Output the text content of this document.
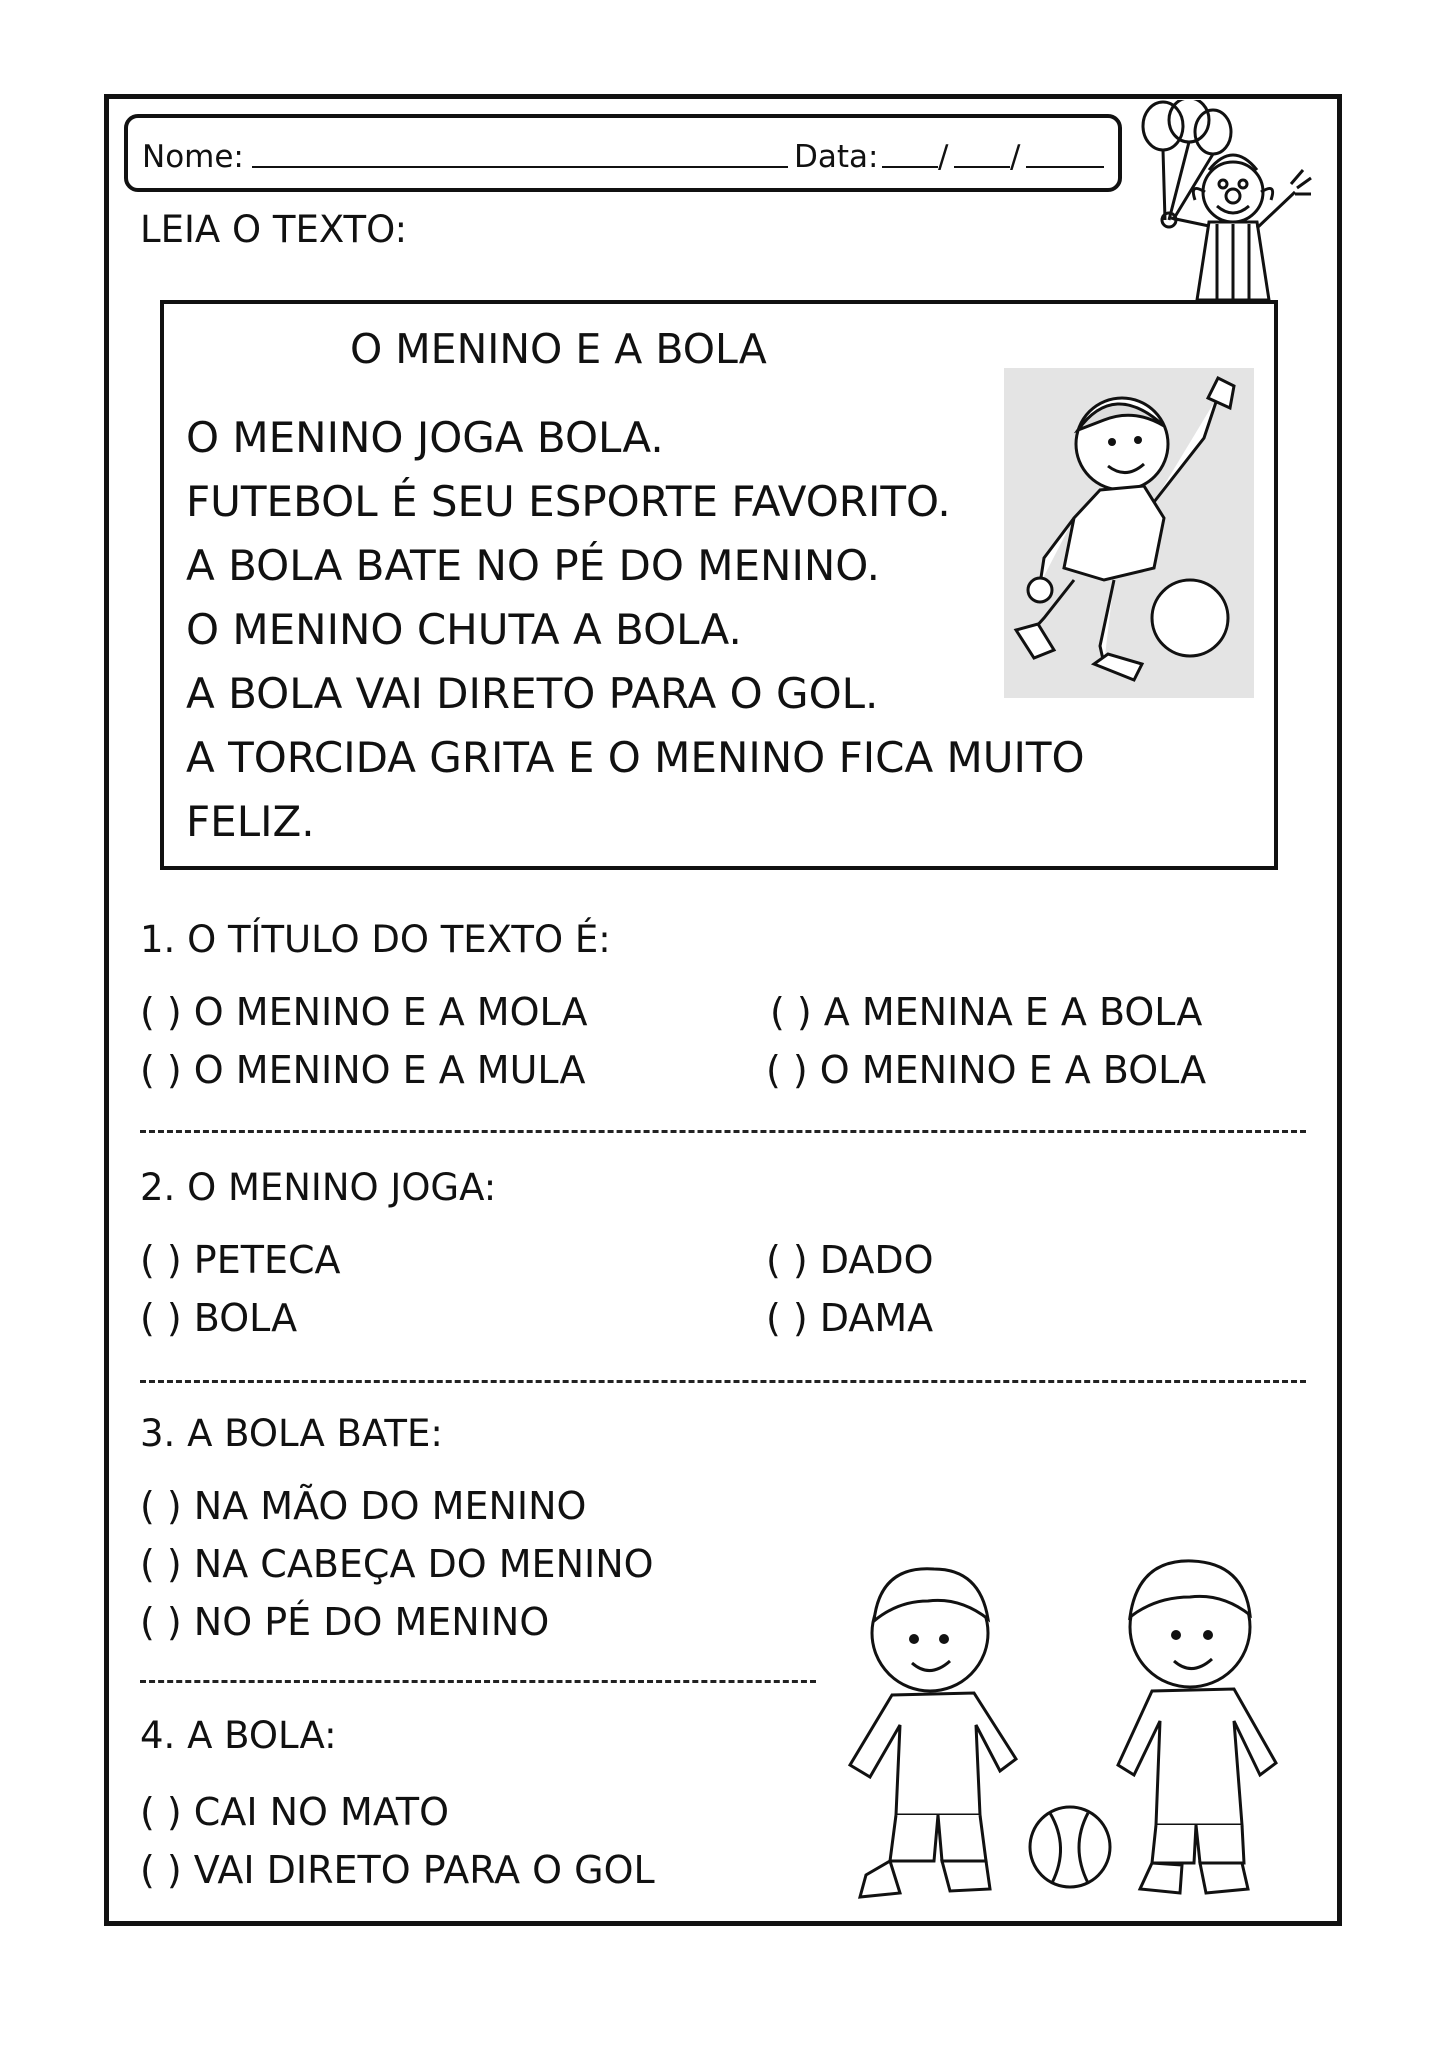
Nome:	Data: / /
LEIA O TEXTO:
O MENINO E A BOLA
O MENINO JOGA BOLA.
FUTEBOL É SEU ESPORTE FAVORITO.
A BOLA BATE NO PÉ DO MENINO.
O MENINO CHUTA A BOLA.
A BOLA VAI DIRETO PARA O GOL.
A TORCIDA GRITA E O MENINO FICA MUITO
FELIZ.
1. O TÍTULO DO TEXTO É:
( ) O MENINO E A MOLA	( ) A MENINA E A BOLA
( ) O MENINO E A MULA	( ) O MENINO E A BOLA
2. O MENINO JOGA:
( ) PETECA	( ) DADO
( ) BOLA	( ) DAMA
3. A BOLA BATE:
( ) NA MÃO DO MENINO
( ) NA CABEÇA DO MENINO
( ) NO PÉ DO MENINO
4. A BOLA:
( ) CAI NO MATO
( ) VAI DIRETO PARA O GOL
